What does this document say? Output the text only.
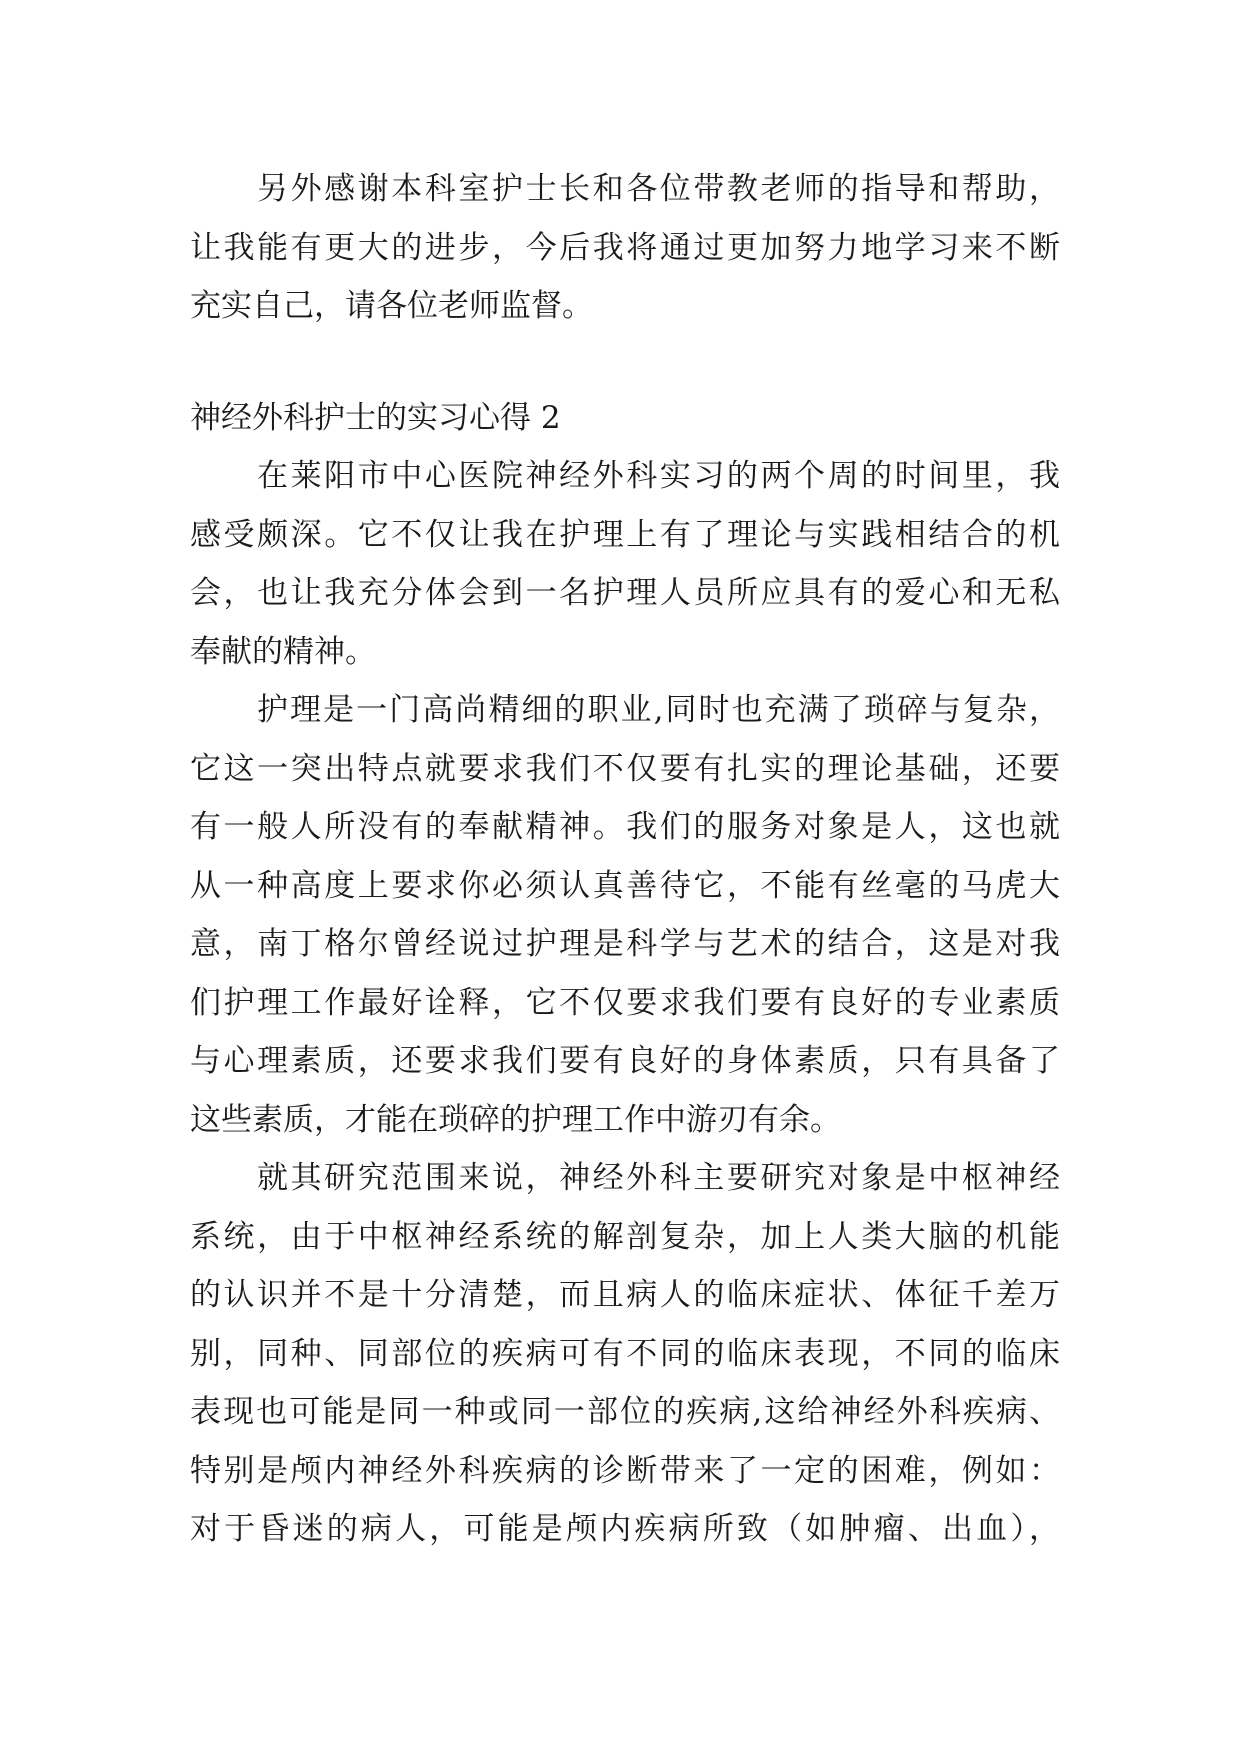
另外感谢本科室护士长和各位带教老师的指导和帮助，
让我能有更大的进步，今后我将通过更加努力地学习来不断
充实自己，请各位老师监督。

神经外科护士的实习心得 2

在莱阳市中心医院神经外科实习的两个周的时间里，我
感受颇深。它不仅让我在护理上有了理论与实践相结合的机
会，也让我充分体会到一名护理人员所应具有的爱心和无私
奉献的精神。

护理是一门高尚精细的职业,同时也充满了琐碎与复杂，
它这一突出特点就要求我们不仅要有扎实的理论基础，还要
有一般人所没有的奉献精神。我们的服务对象是人，这也就
从一种高度上要求你必须认真善待它，不能有丝毫的马虎大
意，南丁格尔曾经说过护理是科学与艺术的结合，这是对我
们护理工作最好诠释，它不仅要求我们要有良好的专业素质
与心理素质，还要求我们要有良好的身体素质，只有具备了
这些素质，才能在琐碎的护理工作中游刃有余。

就其研究范围来说，神经外科主要研究对象是中枢神经
系统，由于中枢神经系统的解剖复杂，加上人类大脑的机能
的认识并不是十分清楚，而且病人的临床症状、体征千差万
别，同种、同部位的疾病可有不同的临床表现，不同的临床
表现也可能是同一种或同一部位的疾病,这给神经外科疾病、
特别是颅内神经外科疾病的诊断带来了一定的困难，例如：
对于昏迷的病人，可能是颅内疾病所致（如肿瘤、出血），
